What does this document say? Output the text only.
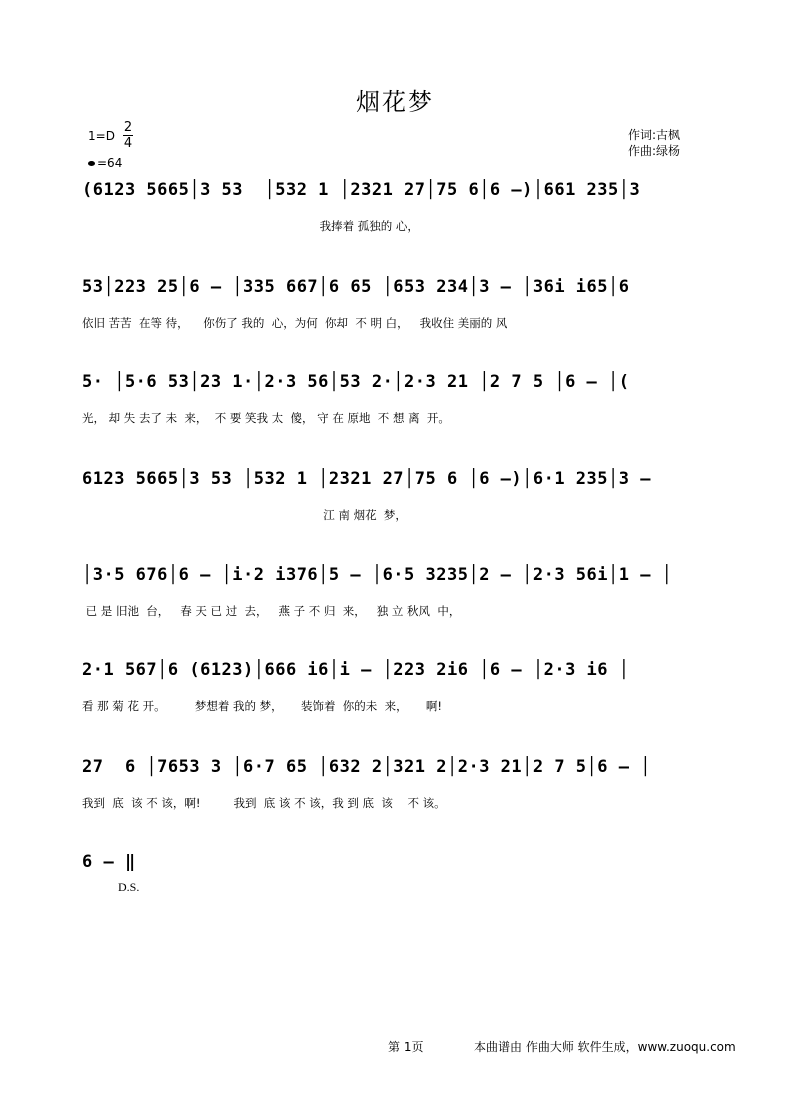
烟花梦
1=D
2
4
=64
作词:古枫
作曲:绿杨
(6123 5665│3 53  │532 1 │2321 27│75 6│6 –)│661 235│3
我捧着 孤独的 心，
53│223 25│6 – │335 667│6 65 │653 234│3 – │36i i65│6
依旧 苦苦  在等 待，    你伤了 我的  心，为何  你却  不 明 白，   我收住 美丽的 风
5· │5·6 53│23 1·│2·3 56│53 2·│2·3 21 │2 7 5 │6 – │(
光， 却 失 去了 未  来，  不 要 笑我 太  傻， 守 在 原地  不 想 离  开。
6123 5665│3 53 │532 1 │2321 27│75 6 │6 –)│6·1 235│3 –
江 南 烟花  梦，
│3·5 676│6 – │i·2 i376│5 – │6·5 3235│2 – │2·3 56i│1 – │
已 是 旧池  台，   春 天 已 过  去，   燕 子 不 归  来，   独 立 秋风  中，
2·1 567│6 (6123)│666 i6│i – │223 2i6 │6 – │2·3 i6 │
看 那 菊 花 开。        梦想着 我的 梦，     装饰着  你的未  来，     啊!
27  6 │7653 3 │6·7 65 │632 2│321 2│2·3 21│2 7 5│6 – │
我到  底  该 不 该，啊!         我到  底 该 不 该，我 到 底  该    不 该。
6 – ‖
D.S.
第 1页	本曲谱由 作曲大师 软件生成，www.zuoqu.com
